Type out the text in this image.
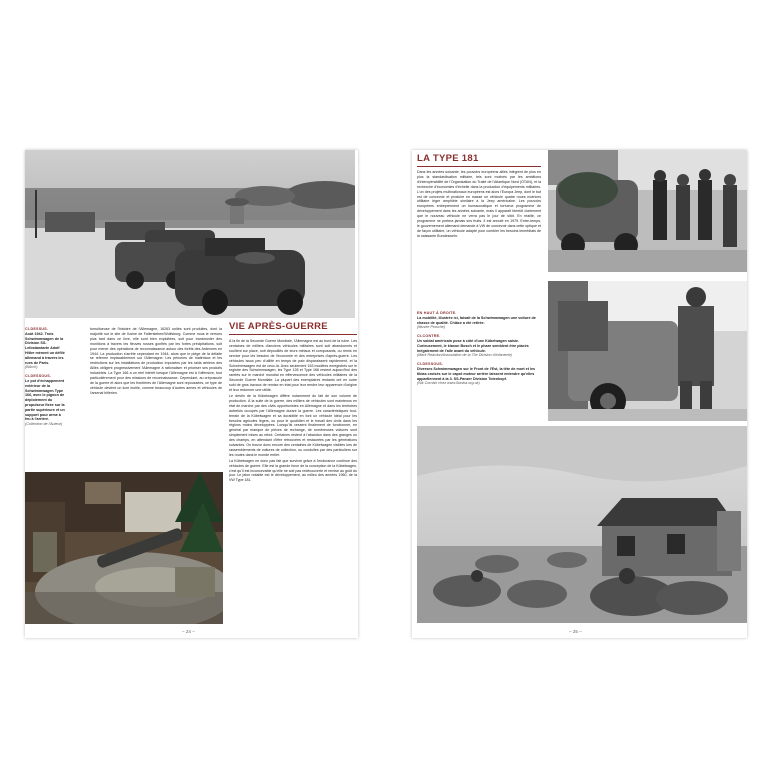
CI-DESSUS.
Août 1942. Trois Schwimmwagen de la Division SS-Leibstandarte Adolf Hitler mènent un défilé allemand à travers les rues de Paris.
(BArch)
CI-DESSOUS.
Le pot d'échappement extérieur de la Schwimmwagen Type 166, avec le pignon de déploiement du propulseur fixée sur la partie supérieure et un support pour arme à feu à l'arrière.
(Collection de l'Auteur)

tumultueuse de l'histoire de l'Allemagne, 16263 unités sont produites, dont la majorité sur le site de l'usine de Fallersleben/Wolfsburg. Comme nous le verrons plus tard dans ce livre, elle sont bien exploitées, soit pour transborder des munitions à travers les fleuves russes gonflés par les fortes précipitations, soit pour mener des opérations de reconnaissance autour des forêts des Ardennes en 1944. La production s'arrête cependant en 1944, alors que le piège de la défaite se referme implacablement sur l'Allemagne. Les pénuries de matériaux et les restrictions sur les installations de production imposées par les raids aériens des Alliés obligent progressivement l'Allemagne à rationaliser et prioriser ses produits industriels. La Type 166 a un réel intérêt lorsque l'Allemagne est à l'offensive, tout particulièrement pour des missions de reconnaissance. Cependant, au crépuscule de la guerre et alors que les frontières de l'Allemagne sont repoussées, ce type de véhicule devient un luxe inutile, comme beaucoup d'autres armes et véhicules de l'arsenal hitlérien.

VIE APRÈS-GUERRE

À la fin de la Seconde Guerre Mondiale, l'Allemagne est au bord de la ruine. Les centaines de milliers d'anciens véhicules militaires sont soit abandonnés et rouillent sur place, soit dépouillés de leurs métaux et composants, ou remis en service pour les besoins de l'économie et des entreprises d'après-guerre. Les véhicules issus peu d'utilité en temps de paix disparaissent rapidement, et la Schwimmwagen est de ceux-là. Avec seulement 163 modèles enregistrés sur le registre des Schwimmwagen, les Type 128 et Type 166 restent aujourd'hui des raretés sur le marché mondial en effervescence des véhicules militaires de la Seconde Guerre Mondiale. La plupart des exemplaires restants ont en outre subi de gros travaux de remise en état pour leur rendre leur apparence d'origine et leur redonner une utilité.

Le destin de la Kübelwagen diffère notamment du fait de son volume de production. À la suite de la guerre, des milliers de véhicules sont maintenus en état de marche par des civils opportunistes en Allemagne et dans les territoires autrefois occupés par l'Allemagne durant la guerre. Les caractéristiques tout-terrain de la Kübelwagen et sa durabilité en font un véhicule idéal pour les besoins agricoles légers, ou pour le quotidien et le travail des civils dans les régions moins développées. Lorsqu'ils cessent finalement de fonctionner, en général par manque de pièces de rechange, de nombreuses voitures sont simplement mises au rebut. Certaines restent à l'abandon dans des granges ou des champs, en attendant d'être retrouvées et restaurées par les générations suivantes. On trouve donc encore des centaines de Kübelwagen visibles lors de rassemblements de voitures de collection, ou conduites par des particuliers sur les routes dans le monde entier.

La Kübelwagen ne donc pas fait que survivre grâce à l'endurance continue des véhicules de guerre. Elle est la grande force de la conception de la Kübelwagen, c'est qu'il est inconcevable qu'elle ne soit pas redécouverte et remise au goût du jour. Le jalon notable est le développement, au milieu des années 1960, de la VW Type 181.

– 24 –
LA TYPE 181

Dans les années soixante, les pouvoirs européens alliés intègrent de plus en plus la standardisation militaire, tels sont motivés par les ambitions d'interopérabilité de l'Organisation du Traité de l'Atlantique Nord (OTAN), et la recherche d'économies d'échelle dans la production d'équipements militaires. L'un des projets multinationaux européens est alors l'Europa Jeep, dont le but est de concevoir et produire en masse un véhicule quatre roues motrices utilitaire léger amphibie similaire à la Jeep américaine. Les pouvoirs européens entreprennent un bureaucratique et tortueux programme de développement dans les années soixante, mais il apparaît bientôt clairement que le nouveau véhicule ne verra pas le jour de sitôt. En réalité, ce programme ne portera jamais ses fruits. Il est annulé en 1979. Entre-temps, le gouvernement allemand demande à VW de concevoir dans cette optique et de façon utilitaire, un véhicule adapté pour combler les besoins immédiats de la naissante Bundeswehr.

EN HAUT À DROITE.
La mobilité, illustrée ici, faisait de la Schwimmwagen une voiture de chasse de qualité. Chiâce a été retirée.
(Musée Porsche)
CI-CONTRE.
Un soldat américain pose à côté d'une Kübelwagen saisie. Curieusement, le klaxon Bosch et le phare semblent être placés inégalement de l'aile avant du véhicule.
(Mark Reardon/Association de la 70e Division d'Infanterie)
CI-DESSOUS.
Diverses Schwimmwagen sur le Front de l'Est, la tête de mort et les tibias croisés sur le capot moteur arrière laissent entendre qu'elles appartiennent à la 3. SS-Panzer Division Totenkopf.
(Nik Cornish chez www.Stavka.org.uk)
– 25 –
